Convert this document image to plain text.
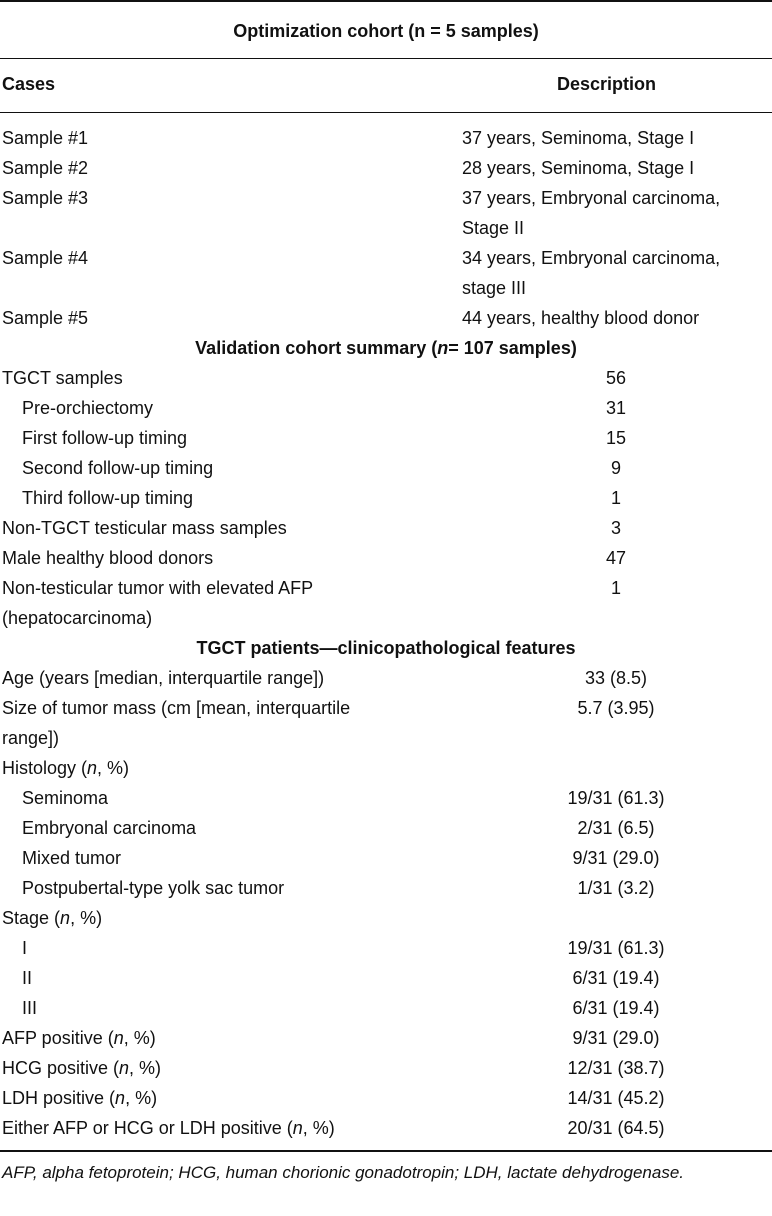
Optimization cohort (n = 5 samples)
Cases	Description
Sample #1	37 years, Seminoma, Stage I
Sample #2	28 years, Seminoma, Stage I
Sample #3	37 years, Embryonal carcinoma,
Stage II
Sample #4	34 years, Embryonal carcinoma,
stage III
Sample #5	44 years, healthy blood donor
Validation cohort summary (n= 107 samples)
TGCT samples	56
Pre-orchiectomy	31
First follow-up timing	15
Second follow-up timing	9
Third follow-up timing	1
Non-TGCT testicular mass samples	3
Male healthy blood donors	47
Non-testicular tumor with elevated AFP	1
(hepatocarcinoma)
TGCT patients—clinicopathological features
Age (years [median, interquartile range])	33 (8.5)
Size of tumor mass (cm [mean, interquartile	5.7 (3.95)
range])
Histology (n, %)
Seminoma	19/31 (61.3)
Embryonal carcinoma	2/31 (6.5)
Mixed tumor	9/31 (29.0)
Postpubertal-type yolk sac tumor	1/31 (3.2)
Stage (n, %)
I	19/31 (61.3)
II	6/31 (19.4)
III	6/31 (19.4)
AFP positive (n, %)	9/31 (29.0)
HCG positive (n, %)	12/31 (38.7)
LDH positive (n, %)	14/31 (45.2)
Either AFP or HCG or LDH positive (n, %)	20/31 (64.5)
AFP, alpha fetoprotein; HCG, human chorionic gonadotropin; LDH, lactate dehydrogenase.
